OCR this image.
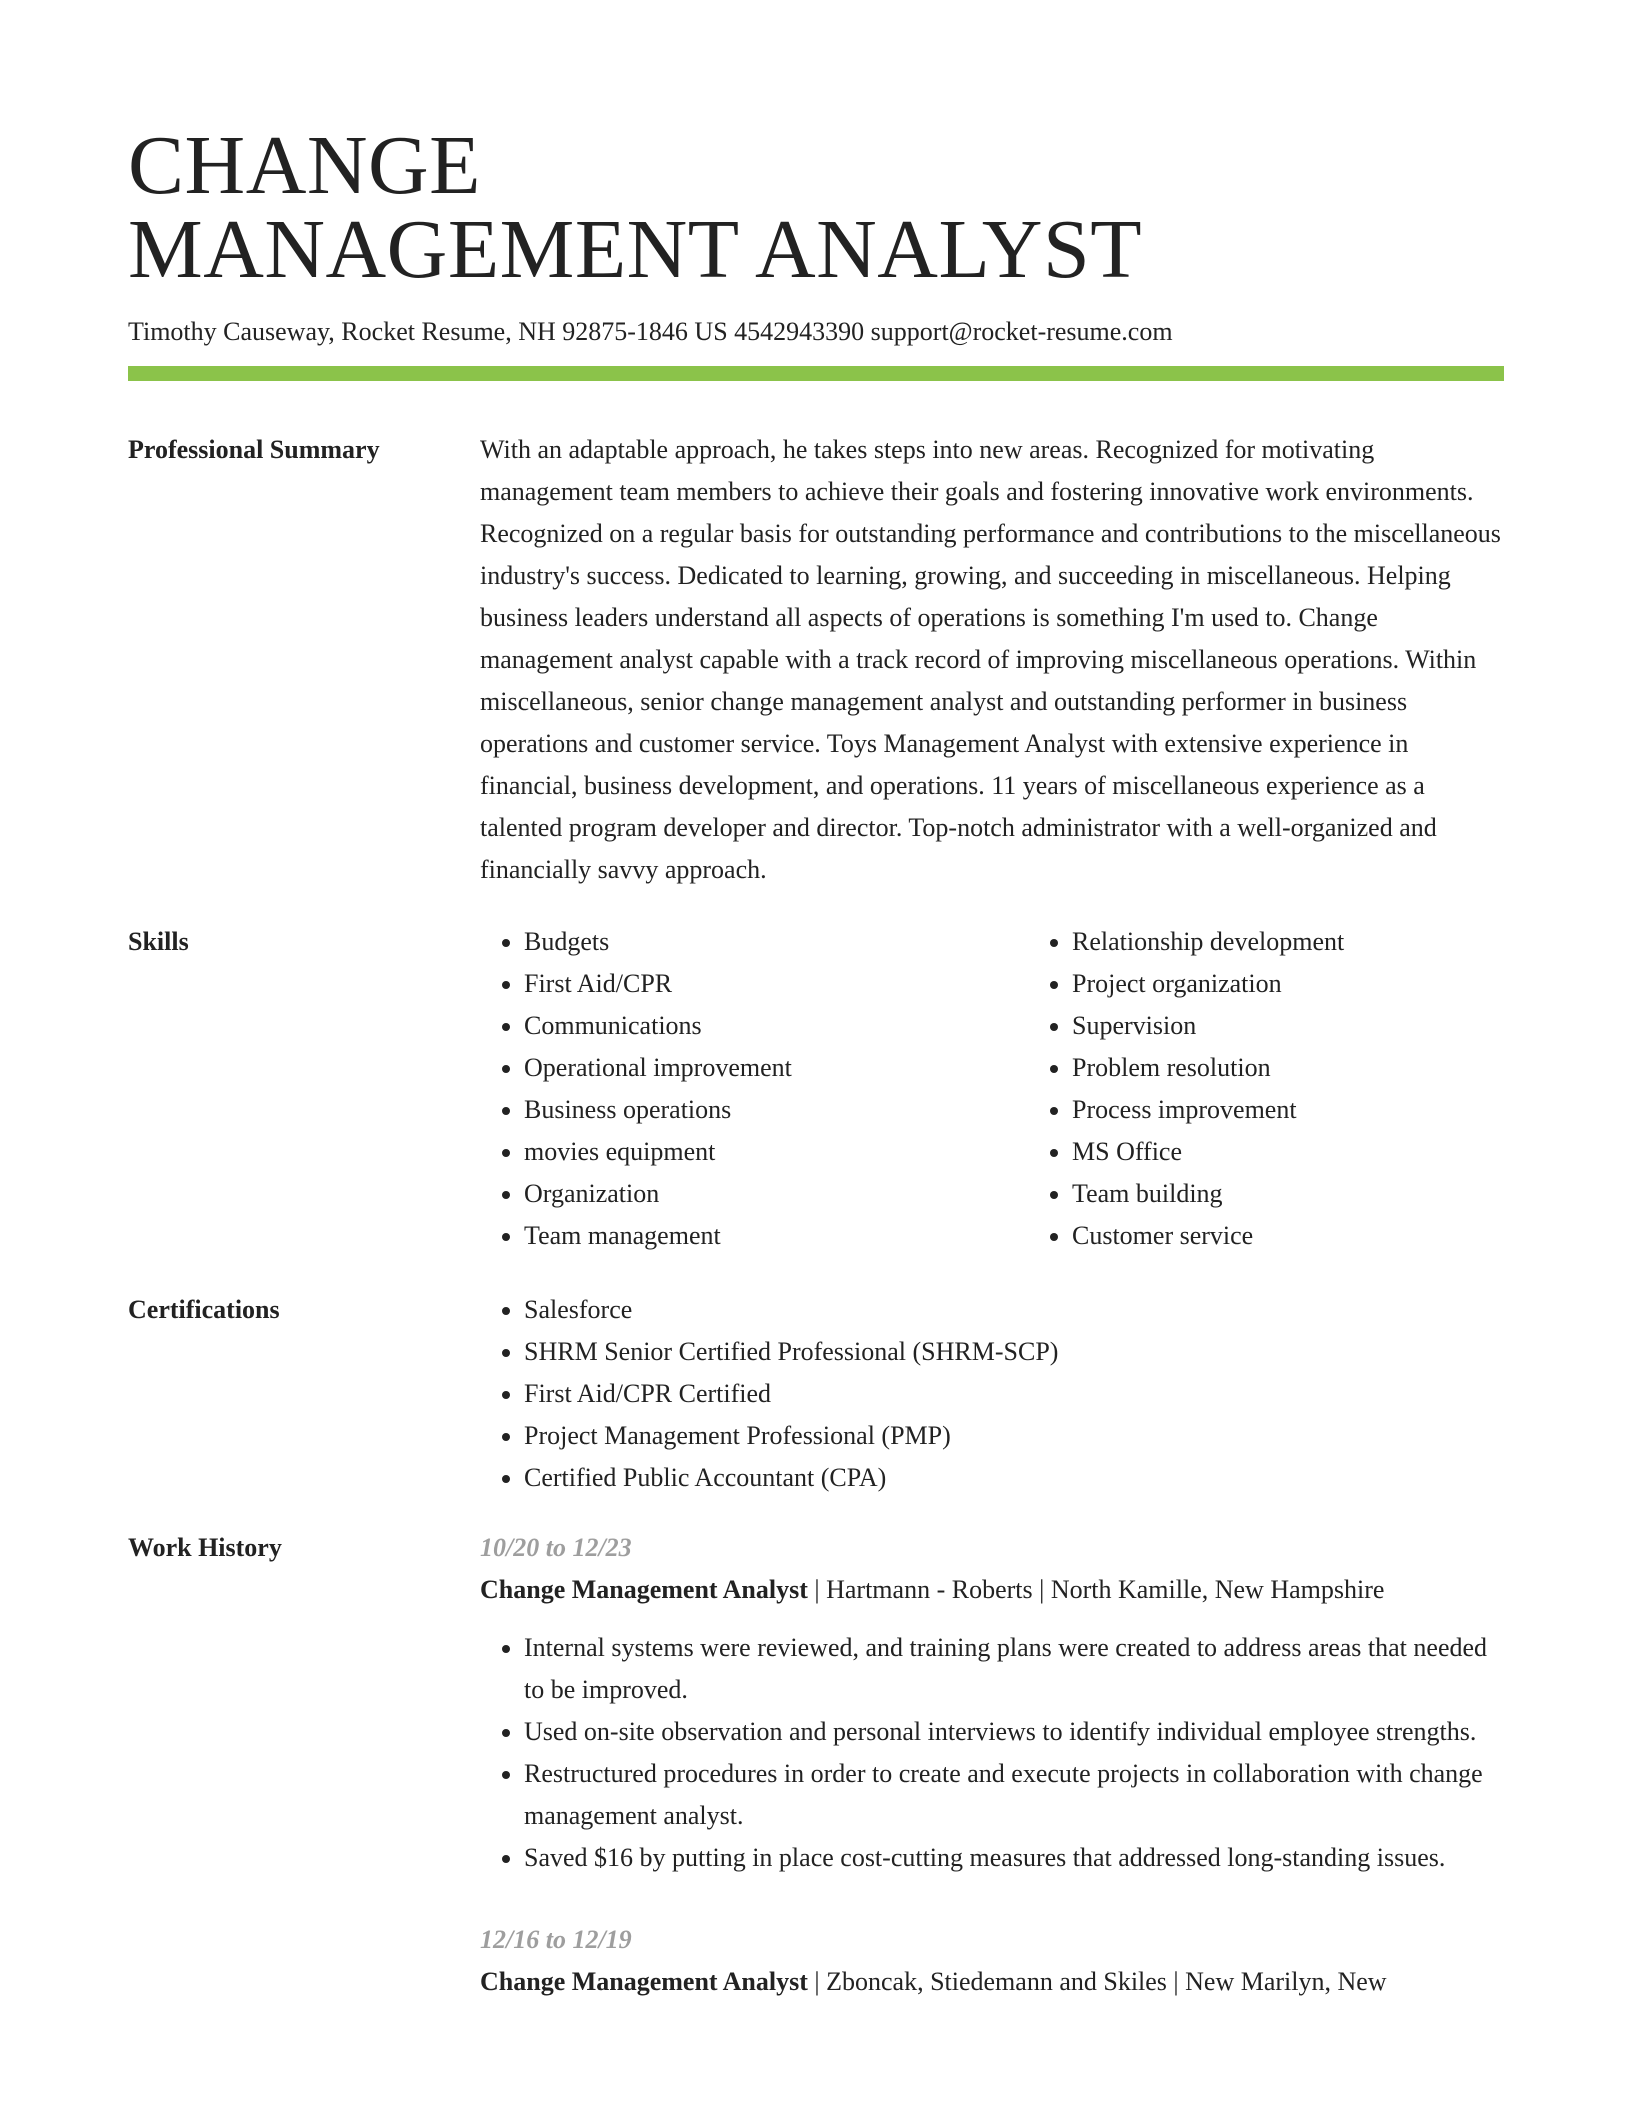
CHANGE
MANAGEMENT ANALYST
Timothy Causeway, Rocket Resume, NH 92875-1846 US 4542943390 support@rocket-resume.com
Professional Summary	With an adaptable approach, he takes steps into new areas. Recognized for motivating management team members to achieve their goals and fostering innovative work environments. Recognized on a regular basis for outstanding performance and contributions to the miscellaneous industry's success. Dedicated to learning, growing, and succeeding in miscellaneous. Helping business leaders understand all aspects of operations is something I'm used to. Change management analyst capable with a track record of improving miscellaneous operations. Within miscellaneous, senior change management analyst and outstanding performer in business operations and customer service. Toys Management Analyst with extensive experience in financial, business development, and operations. 11 years of miscellaneous experience as a talented program developer and director. Top-notch administrator with a well-organized and financially savvy approach.
Skills	• Budgets
• First Aid/CPR
• Communications
• Operational improvement
• Business operations
• movies equipment
• Organization
• Team management
• Relationship development
• Project organization
• Supervision
• Problem resolution
• Process improvement
• MS Office
• Team building
• Customer service
Certifications	• Salesforce
• SHRM Senior Certified Professional (SHRM-SCP)
• First Aid/CPR Certified
• Project Management Professional (PMP)
• Certified Public Accountant (CPA)
Work History	10/20 to 12/23
Change Management Analyst | Hartmann - Roberts | North Kamille, New Hampshire
• Internal systems were reviewed, and training plans were created to address areas that needed to be improved.
• Used on-site observation and personal interviews to identify individual employee strengths.
• Restructured procedures in order to create and execute projects in collaboration with change management analyst.
• Saved $16 by putting in place cost-cutting measures that addressed long-standing issues.
12/16 to 12/19
Change Management Analyst | Zboncak, Stiedemann and Skiles | New Marilyn, New
